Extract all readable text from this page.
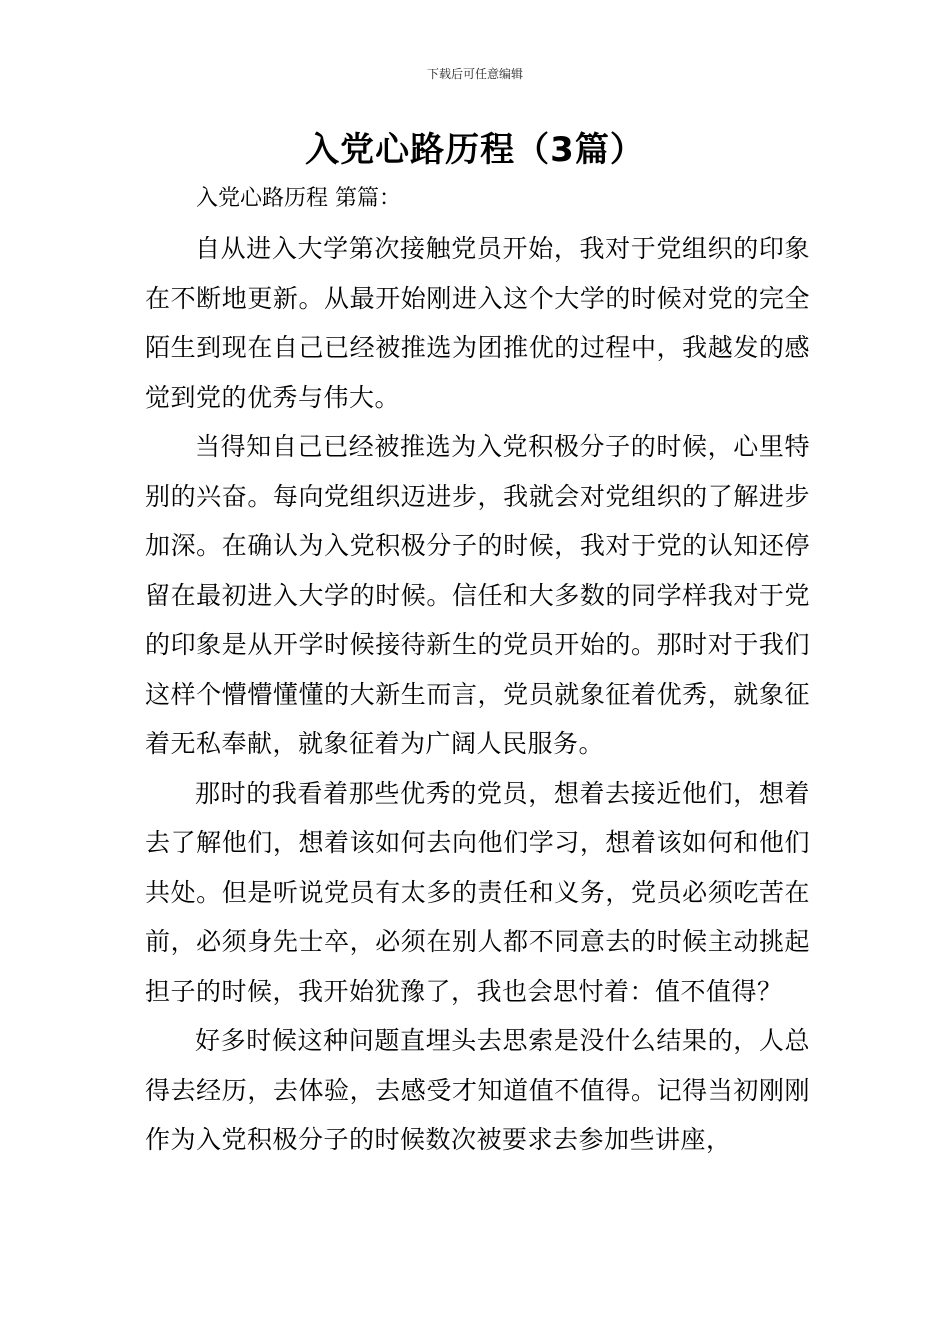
下载后可任意编辑
入党心路历程（3篇）
入党心路历程 第篇：

自从进入大学第次接触党员开始，我对于党组织的印象在不断地更新。从最开始刚进入这个大学的时候对党的完全陌生到现在自己已经被推选为团推优的过程中，我越发的感觉到党的优秀与伟大。

当得知自己已经被推选为入党积极分子的时候，心里特别的兴奋。每向党组织迈进步，我就会对党组织的了解进步加深。在确认为入党积极分子的时候，我对于党的认知还停留在最初进入大学的时候。信任和大多数的同学样我对于党的印象是从开学时候接待新生的党员开始的。那时对于我们这样个懵懵懂懂的大新生而言，党员就象征着优秀，就象征着无私奉献，就象征着为广阔人民服务。

那时的我看着那些优秀的党员，想着去接近他们，想着去了解他们，想着该如何去向他们学习，想着该如何和他们共处。但是听说党员有太多的责任和义务，党员必须吃苦在前，必须身先士卒，必须在别人都不同意去的时候主动挑起担子的时候，我开始犹豫了，我也会思忖着：值不值得？

好多时候这种问题直埋头去思索是没什么结果的，人总得去经历，去体验，去感受才知道值不值得。记得当初刚刚作为入党积极分子的时候数次被要求去参加些讲座，
